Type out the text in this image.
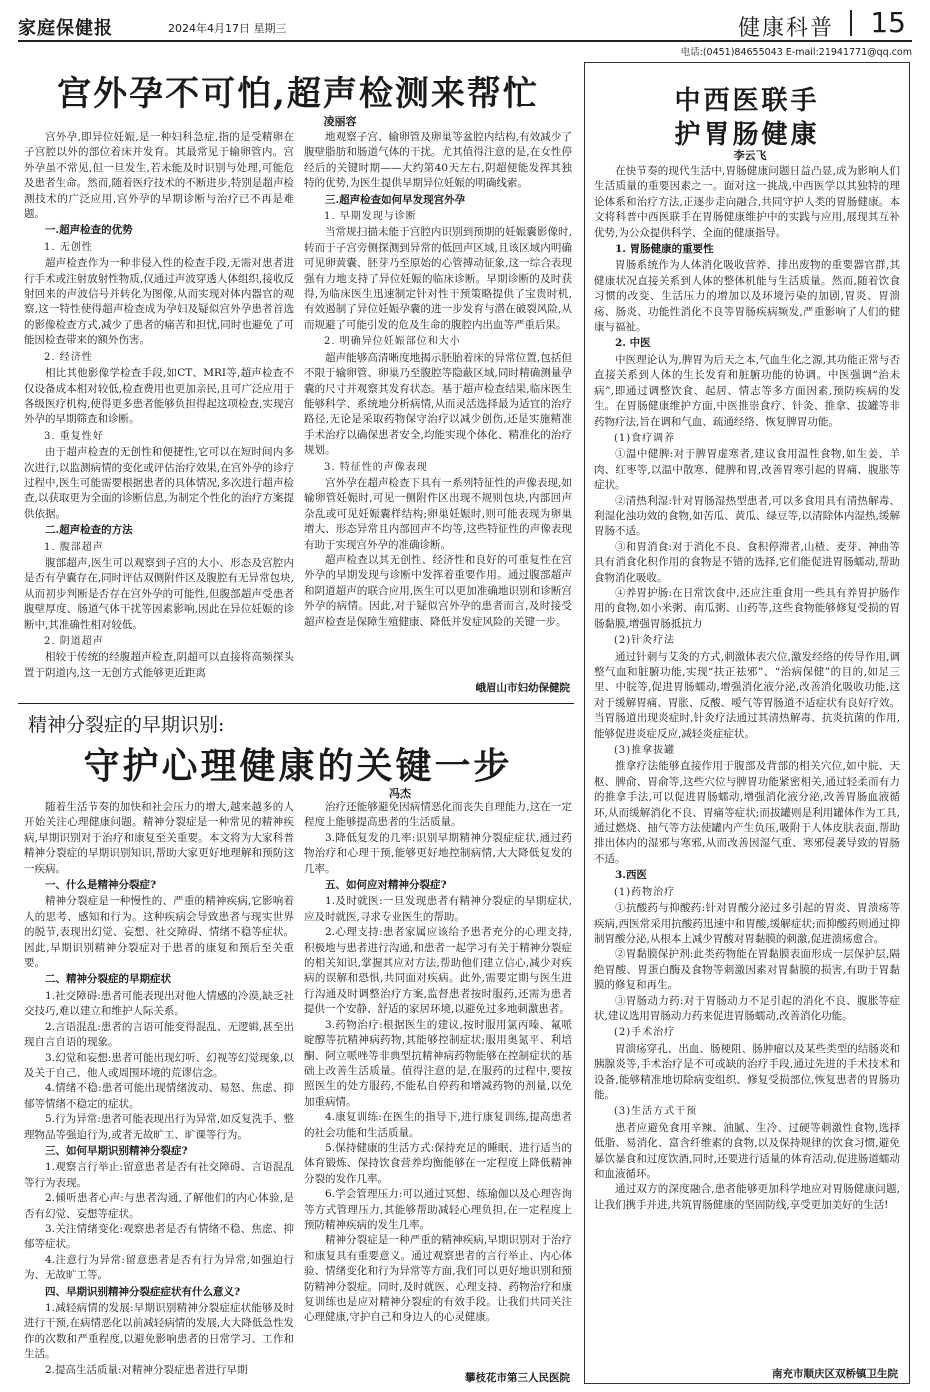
家庭保健报	2024年4月17日 星期三	健康科普 15
电话:(0451)84655043 E-mail:21941771@qq.com
宫外孕不可怕,超声检测来帮忙
凌丽容

宫外孕,即异位妊娠,是一种妇科急症,指的是受精卵在子宫腔以外的部位着床并发育。其最常见于输卵管内。宫外孕虽不常见,但一旦发生,若未能及时识别与处理,可能危及患者生命。然而,随着医疗技术的不断进步,特别是超声检测技术的广泛应用,宫外孕的早期诊断与治疗已不再是难题。

一.超声检查的优势
1. 无创性

超声检查作为一种非侵入性的检查手段,无需对患者进行手术或注射放射性物质,仅通过声波穿透人体组织,接收反射回来的声波信号并转化为图像,从而实现对体内器官的观察,这一特性使得超声检查成为孕妇及疑似宫外孕患者首选的影像检查方式,减少了患者的痛苦和担忧,同时也避免了可能因检查带来的额外伤害。

2. 经济性

相比其他影像学检查手段,如CT、MRI等,超声检查不仅设备成本相对较低,检查费用也更加亲民,且可广泛应用于各级医疗机构,使得更多患者能够负担得起这项检查,实现宫外孕的早期筛查和诊断。

3. 重复性好

由于超声检查的无创性和便捷性,它可以在短时间内多次进行,以监测病情的变化或评估治疗效果,在宫外孕的诊疗过程中,医生可能需要根据患者的具体情况,多次进行超声检查,以获取更为全面的诊断信息,为制定个性化的治疗方案提供依据。

二.超声检查的方法
1. 腹部超声

腹部超声,医生可以观察到子宫的大小、形态及宫腔内是否有孕囊存在,同时评估双侧附件区及腹腔有无异常包块,从而初步判断是否存在宫外孕的可能性,但腹部超声受患者腹壁厚度、肠道气体干扰等因素影响,因此在异位妊娠的诊断中,其准确性相对较低。

2. 阴道超声

相较于传统的经腹超声检查,阴超可以直接将高频探头置于阴道内,这一无创方式能够更近距离

地观察子宫、输卵管及卵巢等盆腔内结构,有效减少了腹壁脂肪和肠道气体的干扰。尤其值得注意的是,在女性停经后的关键时期——大约第40天左右,阴超便能发挥其独特的优势,为医生提供早期异位妊娠的明确线索。

三.超声检查如何早发现宫外孕
1. 早期发现与诊断

当常规扫描未能于宫腔内识别到预期的妊娠囊影像时,转而于子宫旁侧探测到异常的低回声区域,且该区域内明确可见卵黄囊、胚芽乃至原始的心管搏动征象,这一综合表现强有力地支持了异位妊娠的临床诊断。早期诊断的及时获得,为临床医生迅速制定针对性干预策略提供了宝贵时机,有效遏制了异位妊娠孕囊的进一步发育与潜在破裂风险,从而规避了可能引发的危及生命的腹腔内出血等严重后果。

2. 明确异位妊娠部位和大小

超声能够高清晰度地揭示胚胎着床的异常位置,包括但不限于输卵管、卵巢乃至腹腔等隐蔽区域,同时精确测量孕囊的尺寸并观察其发育状态。基于超声检查结果,临床医生能够科学、系统地分析病情,从而灵活选择最为适宜的治疗路径,无论是采取药物保守治疗以减少创伤,还是实施精准手术治疗以确保患者安全,均能实现个体化、精准化的治疗规划。

3. 特征性的声像表现

宫外孕在超声检查下具有一系列特征性的声像表现,如输卵管妊娠时,可见一侧附件区出现不规则包块,内部回声杂乱或可见妊娠囊样结构;卵巢妊娠时,则可能表现为卵巢增大、形态异常且内部回声不均等,这些特征性的声像表现有助于实现宫外孕的准确诊断。

超声检查以其无创性、经济性和良好的可重复性在宫外孕的早期发现与诊断中发挥着重要作用。通过腹部超声和阴道超声的联合应用,医生可以更加准确地识别和诊断宫外孕的病情。因此,对于疑似宫外孕的患者而言,及时接受超声检查是保障生殖健康、降低并发症风险的关键一步。

峨眉山市妇幼保健院
精神分裂症的早期识别:
守护心理健康的关键一步
冯杰

随着生活节奏的加快和社会压力的增大,越来越多的人开始关注心理健康问题。精神分裂症是一种常见的精神疾病,早期识别对于治疗和康复至关重要。本文将为大家科普精神分裂症的早期识别知识,帮助大家更好地理解和预防这一疾病。

一、什么是精神分裂症?

精神分裂症是一种慢性的、严重的精神疾病,它影响着人的思考、感知和行为。这种疾病会导致患者与现实世界的脱节,表现出幻觉、妄想、社交障碍、情绪不稳等症状。因此,早期识别精神分裂症对于患者的康复和预后至关重要。

二、精神分裂症的早期症状

1.社交障碍:患者可能表现出对他人情感的冷漠,缺乏社交技巧,难以建立和维护人际关系。

2.言语混乱:患者的言语可能变得混乱、无逻辑,甚至出现自言自语的现象。

3.幻觉和妄想:患者可能出现幻听、幻视等幻觉现象,以及关于自己、他人或周围环境的荒谬信念。

4.情绪不稳:患者可能出现情绪波动、易怒、焦虑、抑郁等情绪不稳定的症状。

5.行为异常:患者可能表现出行为异常,如反复洗手、整理物品等强迫行为,或者无故旷工、旷课等行为。

三、如何早期识别精神分裂症?

1.观察言行举止:留意患者是否有社交障碍、言语混乱等行为表现。

2.倾听患者心声:与患者沟通,了解他们的内心体验,是否有幻觉、妄想等症状。

3.关注情绪变化:观察患者是否有情绪不稳、焦虑、抑郁等症状。

4.注意行为异常:留意患者是否有行为异常,如强迫行为、无故旷工等。

四、早期识别精神分裂症症状有什么意义?

1.减轻病情的发展:早期识别精神分裂症症状能够及时进行干预,在病情恶化以前减轻病情的发展,大大降低急性发作的次数和严重程度,以避免影响患者的日常学习、工作和生活。

2.提高生活质量:对精神分裂症患者进行早期

治疗还能够避免因病情恶化而丧失自理能力,这在一定程度上能够提高患者的生活质量。

3.降低复发的几率:识别早期精神分裂症症状,通过药物治疗和心理干预,能够更好地控制病情,大大降低复发的几率。

五、如何应对精神分裂症?

1.及时就医:一旦发现患者有精神分裂症的早期症状,应及时就医,寻求专业医生的帮助。

2.心理支持:患者家属应该给予患者充分的心理支持,积极地与患者进行沟通,和患者一起学习有关于精神分裂症的相关知识,掌握其应对方法,帮助他们建立信心,减少对疾病的误解和恐惧,共同面对疾病。此外,需要定期与医生进行沟通及时调整治疗方案,监督患者按时服药,还需为患者提供一个安静、舒适的家居环境,以避免过多地刺激患者。

3.药物治疗:根据医生的建议,按时服用氯丙嗪、氟哌啶醇等抗精神病药物,其能够控制症状;服用奥氮平、利培酮、阿立哌唑等非典型抗精神病药物能够在控制症状的基础上改善生活质量。值得注意的是,在服药的过程中,要按照医生的处方服药,不能私自停药和增减药物的剂量,以免加重病情。

4.康复训练:在医生的指导下,进行康复训练,提高患者的社会功能和生活质量。

5.保持健康的生活方式:保持充足的睡眠、进行适当的体育锻炼、保持饮食营养均衡能够在一定程度上降低精神分裂的发作几率。

6.学会管理压力:可以通过冥想、练瑜伽以及心理咨询等方式管理压力,其能够帮助减轻心理负担,在一定程度上预防精神疾病的发生几率。

精神分裂症是一种严重的精神疾病,早期识别对于治疗和康复具有重要意义。通过观察患者的言行举止、内心体验、情绪变化和行为异常等方面,我们可以更好地识别和预防精神分裂症。同时,及时就医、心理支持、药物治疗和康复训练也是应对精神分裂症的有效手段。让我们共同关注心理健康,守护自己和身边人的心灵健康。

攀枝花市第三人民医院
中西医联手
护胃肠健康
李云飞

在快节奏的现代生活中,胃肠健康问题日益凸显,成为影响人们生活质量的重要因素之一。面对这一挑战,中西医学以其独特的理论体系和治疗方法,正逐步走向融合,共同守护人类的胃肠健康。本文将科普中西医联手在胃肠健康维护中的实践与应用,展现其互补优势,为公众提供科学、全面的健康指导。

1. 胃肠健康的重要性

胃肠系统作为人体消化吸收营养、排出废物的重要器官群,其健康状况直接关系到人体的整体机能与生活质量。然而,随着饮食习惯的改变、生活压力的增加以及环境污染的加剧,胃炎、胃溃疡、肠炎、功能性消化不良等胃肠疾病频发,严重影响了人们的健康与福祉。

2. 中医

中医理论认为,脾胃为后天之本,气血生化之源,其功能正常与否直接关系到人体的生长发育和脏腑功能的协调。中医强调“治未病”,即通过调整饮食、起居、情志等多方面因素,预防疾病的发生。在胃肠健康维护方面,中医推崇食疗、针灸、推拿、拔罐等非药物疗法,旨在调和气血、疏通经络、恢复脾胃功能。

(1)食疗调养

①温中健脾:对于脾胃虚寒者,建议食用温性食物,如生姜、羊肉、红枣等,以温中散寒、健脾和胃,改善胃寒引起的胃痛、腹胀等症状。

②清热利湿:针对胃肠湿热型患者,可以多食用具有清热解毒、利湿化浊功效的食物,如苦瓜、黄瓜、绿豆等,以清除体内湿热,缓解胃肠不适。

③和胃消食:对于消化不良、食积停滞者,山楂、麦芽、神曲等具有消食化积作用的食物是不错的选择,它们能促进胃肠蠕动,帮助食物消化吸收。

④养胃护肠:在日常饮食中,还应注重食用一些具有养胃护肠作用的食物,如小米粥、南瓜粥、山药等,这些食物能够修复受损的胃肠黏膜,增强胃肠抵抗力

(2)针灸疗法

通过针刺与艾灸的方式,刺激体表穴位,激发经络的传导作用,调整气血和脏腑功能,实现“扶正祛邪”、“治病保健”的目的,如足三里、中脘等,促进胃肠蠕动,增强消化液分泌,改善消化吸收功能,这对于缓解胃痛、胃胀、反酸、嗳气等胃肠道不适症状有良好疗效。当胃肠道出现炎症时,针灸疗法通过其清热解毒、抗炎抗菌的作用,能够促进炎症反应,减轻炎症症状。

(3)推拿拔罐

推拿疗法能够直接作用于腹部及背部的相关穴位,如中脘、天枢、脾俞、胃俞等,这些穴位与脾胃功能紧密相关,通过轻柔而有力的推拿手法,可以促进胃肠蠕动,增强消化液分泌,改善胃肠血液循环,从而缓解消化不良、胃痛等症状;而拔罐则是利用罐体作为工具,通过燃烧、抽气等方法使罐内产生负压,吸附于人体皮肤表面,帮助排出体内的湿邪与寒邪,从而改善因湿气重、寒邪侵袭导致的胃肠不适。

3.西医
(1)药物治疗

①抗酸药与抑酸药:针对胃酸分泌过多引起的胃炎、胃溃疡等疾病,西医常采用抗酸药迅速中和胃酸,缓解症状;而抑酸药则通过抑制胃酸分泌,从根本上减少胃酸对胃黏膜的刺激,促进溃疡愈合。

②胃黏膜保护剂:此类药物能在胃黏膜表面形成一层保护层,隔绝胃酸、胃蛋白酶及食物等刺激因素对胃黏膜的损害,有助于胃黏膜的修复和再生。

③胃肠动力药:对于胃肠动力不足引起的消化不良、腹胀等症状,建议选用胃肠动力药来促进胃肠蠕动,改善消化功能。

(2)手术治疗

胃溃疡穿孔、出血、肠梗阻、肠肿瘤以及某些类型的结肠炎和胰腺炎等,手术治疗是不可或缺的治疗手段,通过先进的手术技术和设备,能够精准地切除病变组织、修复受损部位,恢复患者的胃肠功能。

(3)生活方式干预

患者应避免食用辛辣、油腻、生冷、过硬等刺激性食物,选择低脂、易消化、富含纤维素的食物,以及保持规律的饮食习惯,避免暴饮暴食和过度饮酒,同时,还要进行适量的体育活动,促进肠道蠕动和血液循环。

通过双方的深度融合,患者能够更加科学地应对胃肠健康问题,让我们携手并进,共筑胃肠健康的坚固防线,享受更加美好的生活!

南充市顺庆区双桥镇卫生院
